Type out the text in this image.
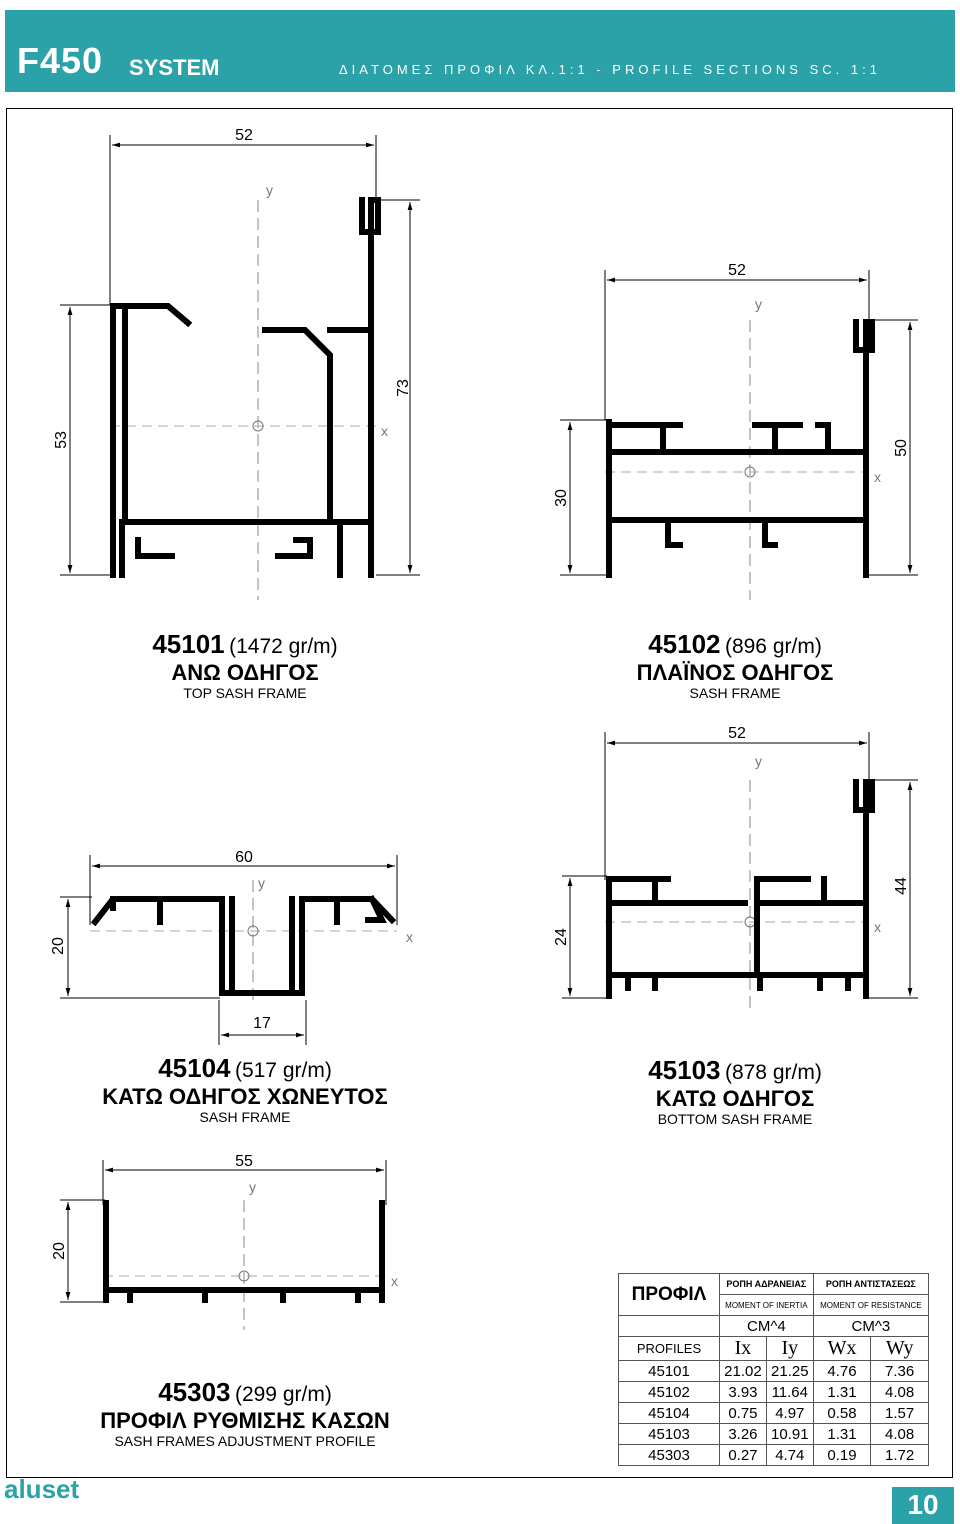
F450 SYSTEM	ΔΙΑΤΟΜΕΣ ΠΡΟΦΙΛ ΚΛ.1:1 - PROFILE SECTIONS SC. 1:1
52
53
73
y
x
52
30
50
y
x
60
20
17
y
x
52
24
44
y
x
55
20
y
x
45101 (1472 gr/m)
ΑΝΩ ΟΔΗΓΟΣ
TOP SASH FRAME
45102 (896 gr/m)
ΠΛΑΪΝΟΣ ΟΔΗΓΟΣ
SASH FRAME
45104 (517 gr/m)
ΚΑΤΩ ΟΔΗΓΟΣ ΧΩΝΕΥΤΟΣ
SASH FRAME
45103 (878 gr/m)
ΚΑΤΩ ΟΔΗΓΟΣ
BOTTOM SASH FRAME
45303 (299 gr/m)
ΠΡΟΦΙΛ ΡΥΘΜΙΣΗΣ ΚΑΣΩΝ
SASH FRAMES ADJUSTMENT PROFILE
ΠΡΟΦΙΛ	ΡΟΠΗ ΑΔΡΑΝΕΙΑΣ		ΡΟΠΗ ΑΝΤΙΣΤΑΣΕΩΣ	
	MOMENT OF INERTIA		MOMENT OF RESISTANCE	
	CM^4		CM^3	
PROFILES	Ix	Iy	Wx	Wy
45101	21.02	21.25	4.76	7.36
45102	3.93	11.64	1.31	4.08
45104	0.75	4.97	0.58	1.57
45103	3.26	10.91	1.31	4.08
45303	0.27	4.74	0.19	1.72
aluset	10
